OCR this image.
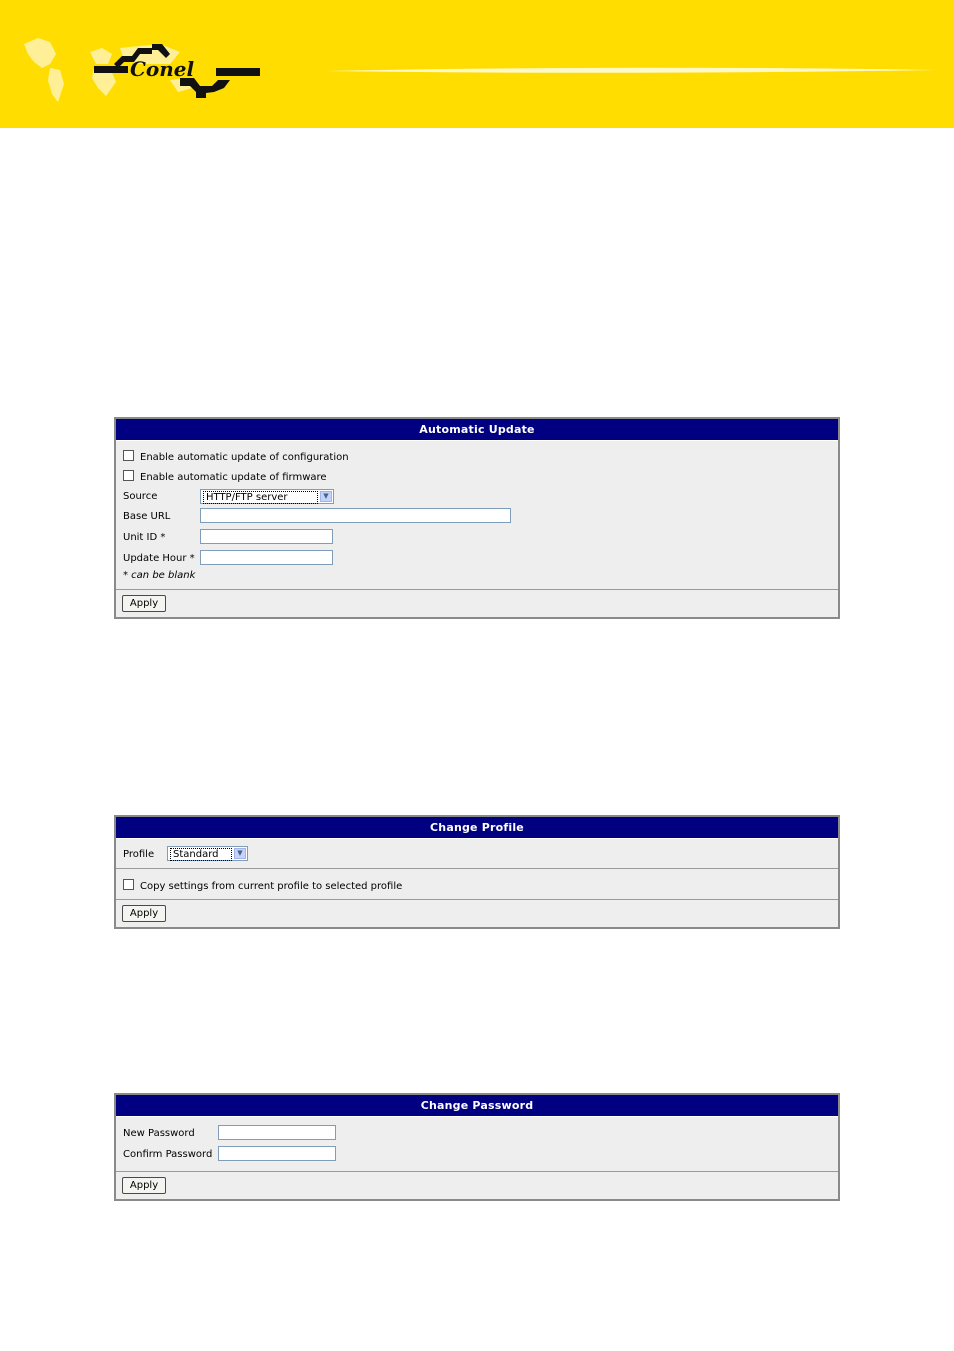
Conel
Automatic Update
Enable automatic update of configuration
Enable automatic update of firmware
Source	HTTP/FTP server	▼
Base URL
Unit ID *
Update Hour *
* can be blank
Apply
Change Profile
Profile	Standard	▼
Copy settings from current profile to selected profile
Apply
Change Password
New Password
Confirm Password
Apply
